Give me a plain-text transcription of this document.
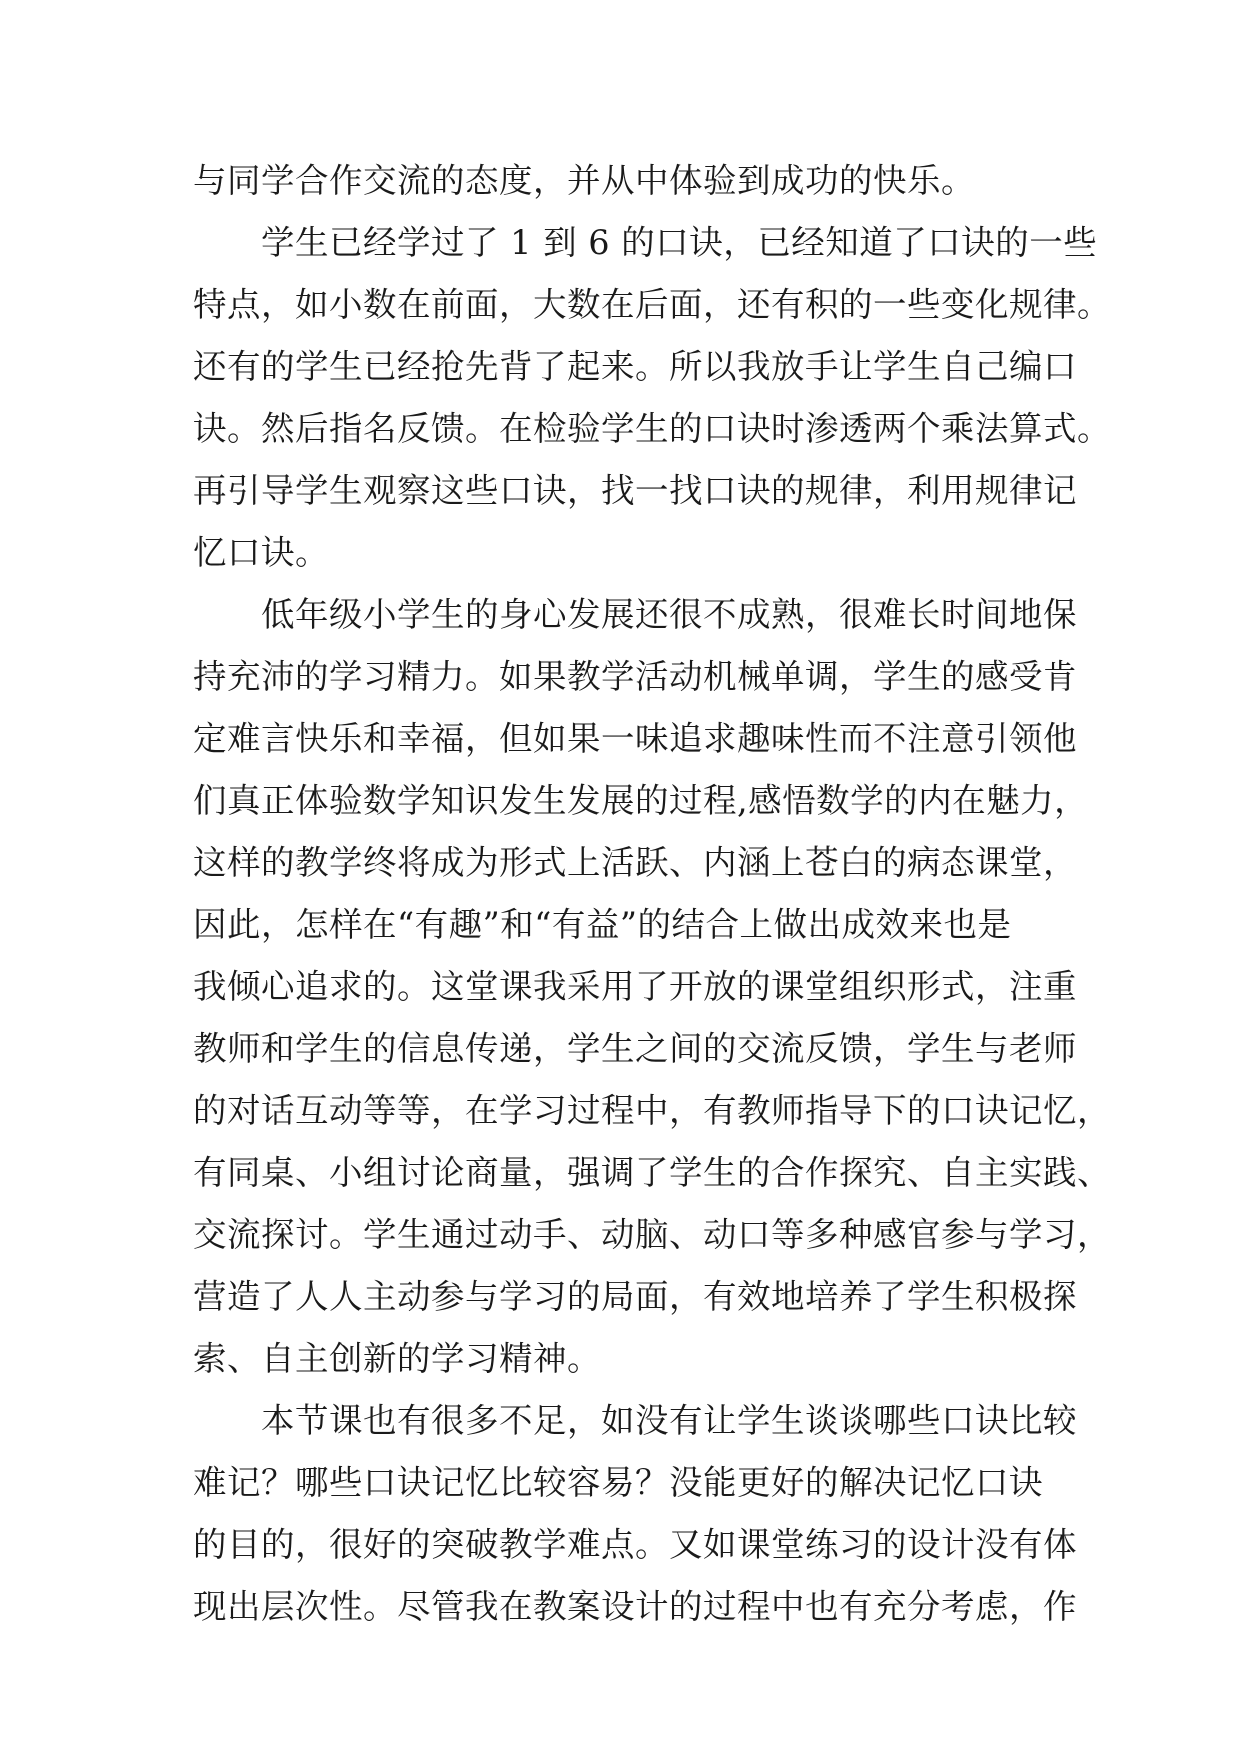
与同学合作交流的态度，并从中体验到成功的快乐。
学生已经学过了 1 到 6 的口诀，已经知道了口诀的一些
特点，如小数在前面，大数在后面，还有积的一些变化规律。
还有的学生已经抢先背了起来。所以我放手让学生自己编口
诀。然后指名反馈。在检验学生的口诀时渗透两个乘法算式。
再引导学生观察这些口诀，找一找口诀的规律，利用规律记
忆口诀。
低年级小学生的身心发展还很不成熟，很难长时间地保
持充沛的学习精力。如果教学活动机械单调，学生的感受肯
定难言快乐和幸福，但如果一味追求趣味性而不注意引领他
们真正体验数学知识发生发展的过程,感悟数学的内在魅力，
这样的教学终将成为形式上活跃、内涵上苍白的病态课堂，
因此，怎样在“有趣”和“有益”的结合上做出成效来也是
我倾心追求的。这堂课我采用了开放的课堂组织形式，注重
教师和学生的信息传递，学生之间的交流反馈，学生与老师
的对话互动等等，在学习过程中，有教师指导下的口诀记忆，
有同桌、小组讨论商量，强调了学生的合作探究、自主实践、
交流探讨。学生通过动手、动脑、动口等多种感官参与学习，
营造了人人主动参与学习的局面，有效地培养了学生积极探
索、自主创新的学习精神。
本节课也有很多不足，如没有让学生谈谈哪些口诀比较
难记？哪些口诀记忆比较容易？没能更好的解决记忆口诀
的目的，很好的突破教学难点。又如课堂练习的设计没有体
现出层次性。尽管我在教案设计的过程中也有充分考虑，作
